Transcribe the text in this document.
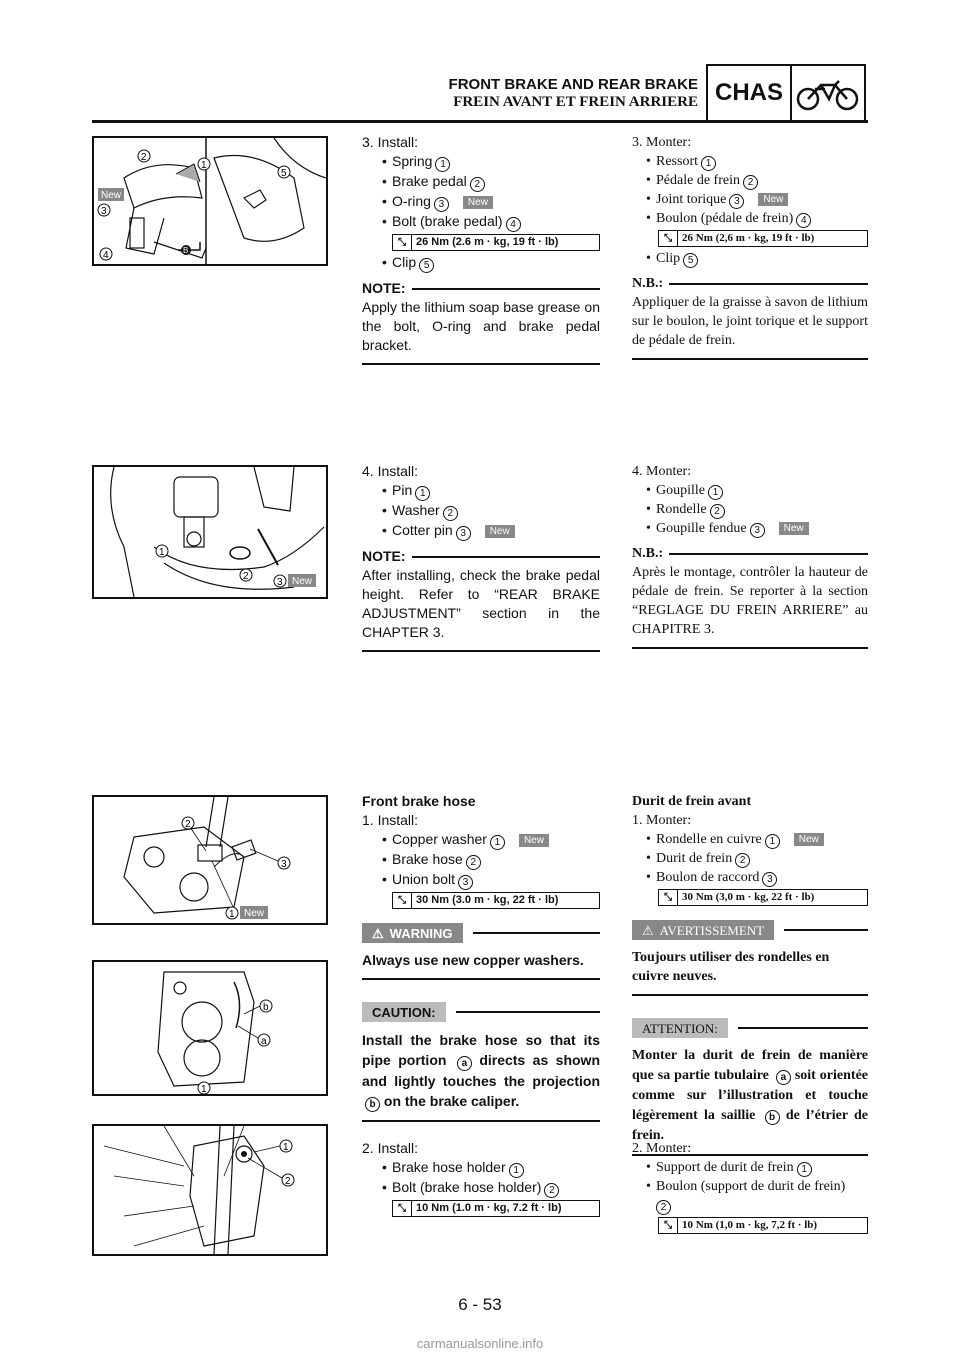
FRONT BRAKE AND REAR BRAKE
FREIN AVANT ET FREIN ARRIERE CHAS
New
2
1
3
4
5
B
3. Install:
• Spring 1
• Brake pedal 2
• O-ring 3 New
• Bolt (brake pedal) 4
⤡ 26 Nm (2.6 m · kg, 19 ft · lb)
• Clip 5
NOTE:
Apply the lithium soap base grease on the bolt, O-ring and brake pedal bracket.
3. Monter:
• Ressort 1
• Pédale de frein 2
• Joint torique 3 New
• Boulon (pédale de frein) 4
⤡ 26 Nm (2,6 m · kg, 19 ft · lb)
• Clip 5
N.B.:
Appliquer de la graisse à savon de lithium sur le boulon, le joint torique et le support de pédale de frein.
1
2
3 New
4. Install:
• Pin 1
• Washer 2
• Cotter pin 3 New
NOTE:
After installing, check the brake pedal height. Refer to “REAR BRAKE ADJUSTMENT” section in the CHAPTER 3.
4. Monter:
• Goupille 1
• Rondelle 2
• Goupille fendue 3 New
N.B.:
Après le montage, contrôler la hauteur de pédale de frein. Se reporter à la section “REGLAGE DU FREIN ARRIERE” au CHAPITRE 3.
2
3
1 New
1
b
a
1
2
Front brake hose
1. Install:
• Copper washer 1 New
• Brake hose 2
• Union bolt 3
⤡ 30 Nm (3.0 m · kg, 22 ft · lb)
⚠ WARNING
Always use new copper washers.
CAUTION:
Install the brake hose so that its pipe portion a directs as shown and lightly touches the projection b on the brake caliper.
Durit de frein avant
1. Monter:
• Rondelle en cuivre 1 New
• Durit de frein 2
• Boulon de raccord 3
⤡ 30 Nm (3,0 m · kg, 22 ft · lb)
⚠ AVERTISSEMENT
Toujours utiliser des rondelles en cuivre neuves.
ATTENTION:
Monter la durit de frein de manière que sa partie tubulaire a soit orientée comme sur l’illustration et touche légèrement la saillie b de l’étrier de frein.
2. Install:
• Brake hose holder 1
• Bolt (brake hose holder) 2
⤡ 10 Nm (1.0 m · kg, 7.2 ft · lb)
2. Monter:
• Support de durit de frein 1
• Boulon (support de durit de frein)
2
⤡ 10 Nm (1,0 m · kg, 7,2 ft · lb)
6 - 53
carmanualsonline.info
